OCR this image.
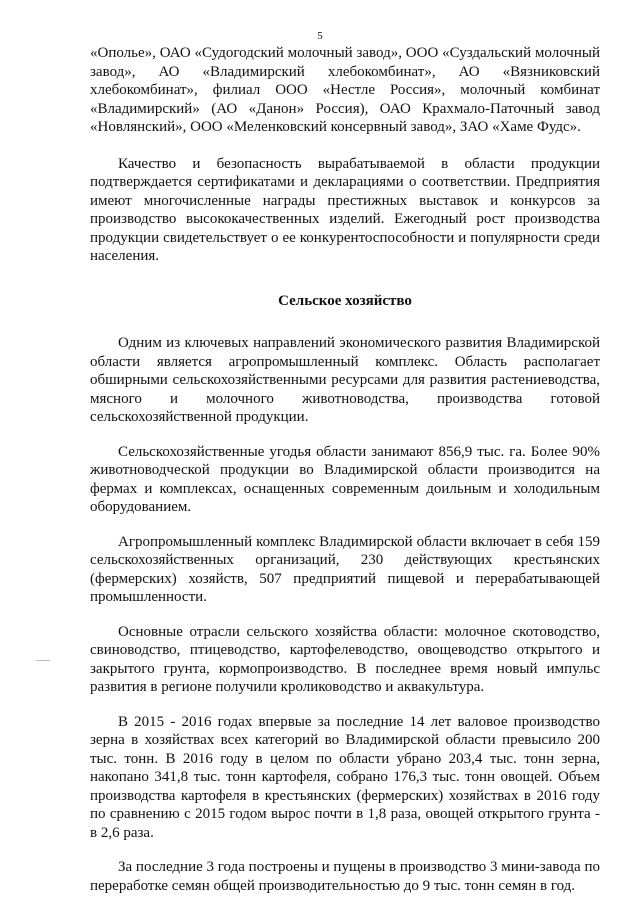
5

«Ополье», ОАО «Судогодский молочный завод», ООО «Суздальский молочный завод», АО «Владимирский хлебокомбинат», АО «Вязниковский хлебокомбинат», филиал ООО «Нестле Россия», молочный комбинат «Владимирский» (АО «Данон» Россия), ОАО Крахмало-Паточный завод «Новлянский», ООО «Меленковский консервный завод», ЗАО «Хаме Фудс».

Качество и безопасность вырабатываемой в области продукции подтверждается сертификатами и декларациями о соответствии. Предприятия имеют многочисленные награды престижных выставок и конкурсов за производство высококачественных изделий. Ежегодный рост производства продукции свидетельствует о ее конкурентоспособности и популярности среди населения.

Сельское хозяйство

Одним из ключевых направлений экономического развития Владимирской области является агропромышленный комплекс. Область располагает обширными сельскохозяйственными ресурсами для развития растениеводства, мясного и молочного животноводства, производства готовой сельскохозяйственной продукции.

Сельскохозяйственные угодья области занимают 856,9 тыс. га. Более 90% животноводческой продукции во Владимирской области производится на фермах и комплексах, оснащенных современным доильным и холодильным оборудованием.

Агропромышленный комплекс Владимирской области включает в себя 159 сельскохозяйственных организаций, 230 действующих крестьянских (фермерских) хозяйств, 507 предприятий пищевой и перерабатывающей промышленности.

Основные отрасли сельского хозяйства области: молочное скотоводство, свиноводство, птицеводство, картофелеводство, овощеводство открытого и закрытого грунта, кормопроизводство. В последнее время новый импульс развития в регионе получили кролиководство и аквакультура.

В 2015 - 2016 годах впервые за последние 14 лет валовое производство зерна в хозяйствах всех категорий во Владимирской области превысило 200 тыс. тонн. В 2016 году в целом по области убрано 203,4 тыс. тонн зерна, накопано 341,8 тыс. тонн картофеля, собрано 176,3 тыс. тонн овощей. Объем производства картофеля в крестьянских (фермерских) хозяйствах в 2016 году по сравнению с 2015 годом вырос почти в 1,8 раза, овощей открытого грунта - в 2,6 раза.

За последние 3 года построены и пущены в производство 3 мини-завода по переработке семян общей производительностью до 9 тыс. тонн семян в год.
